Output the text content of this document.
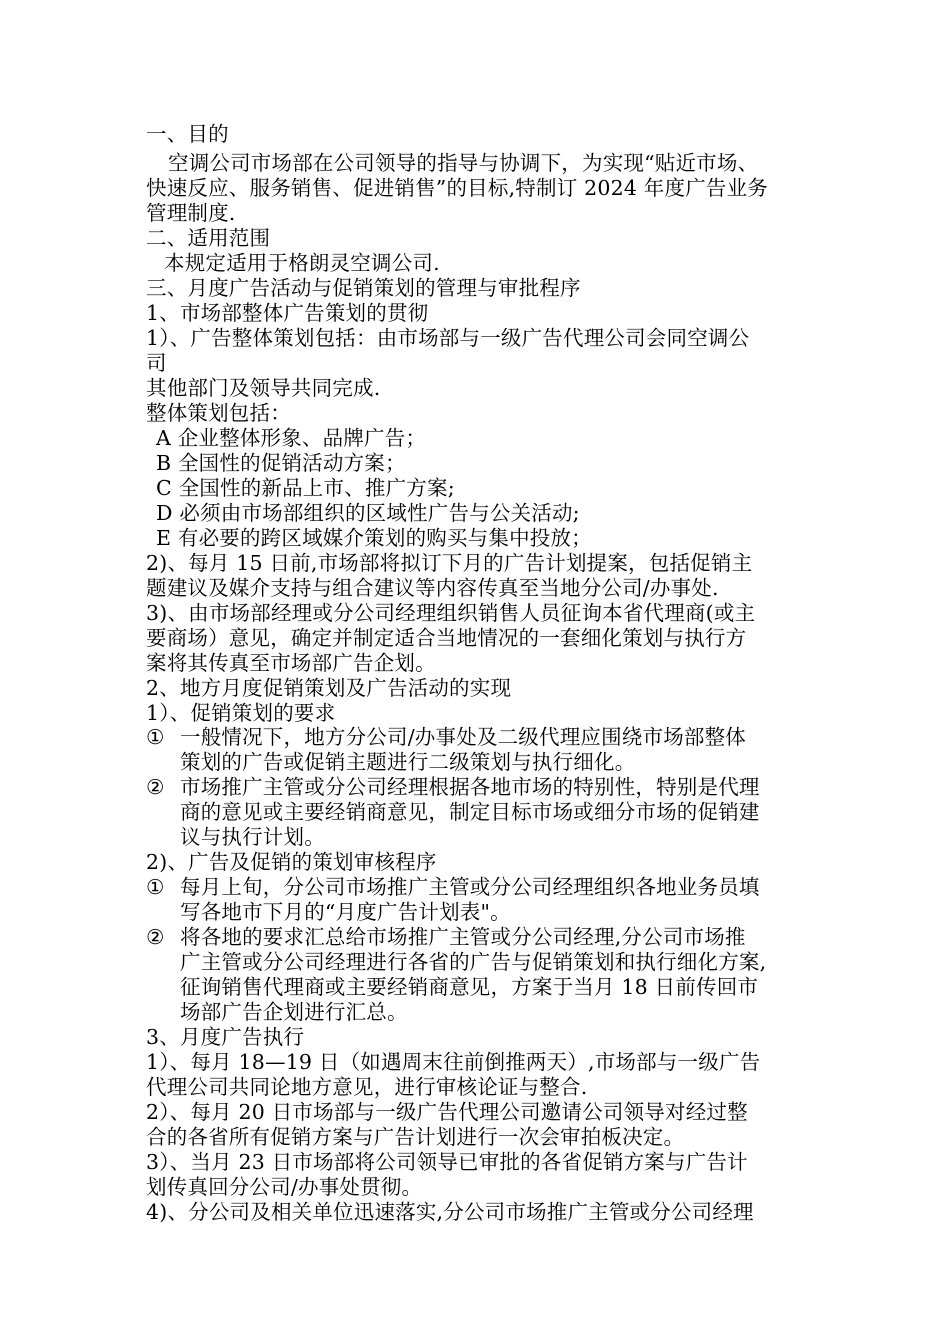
一、目的
空调公司市场部在公司领导的指导与协调下，为实现“贴近市场、
快速反应、服务销售、促进销售”的目标,特制订 2024 年度广告业务
管理制度.
二、适用范围
本规定适用于格朗灵空调公司.
三、月度广告活动与促销策划的管理与审批程序
1、市场部整体广告策划的贯彻
1）、广告整体策划包括：由市场部与一级广告代理公司会同空调公
司
其他部门及领导共同完成.
整体策划包括：
A 企业整体形象、品牌广告；
B 全国性的促销活动方案；
C 全国性的新品上市、推广方案;
D 必须由市场部组织的区域性广告与公关活动;
E 有必要的跨区域媒介策划的购买与集中投放；
2)、每月 15 日前,市场部将拟订下月的广告计划提案，包括促销主
题建议及媒介支持与组合建议等内容传真至当地分公司/办事处.
3)、由市场部经理或分公司经理组织销售人员征询本省代理商(或主
要商场）意见，确定并制定适合当地情况的一套细化策划与执行方
案将其传真至市场部广告企划。
2、地方月度促销策划及广告活动的实现
1）、促销策划的要求
① 一般情况下，地方分公司/办事处及二级代理应围绕市场部整体
策划的广告或促销主题进行二级策划与执行细化。
② 市场推广主管或分公司经理根据各地市场的特别性，特别是代理
商的意见或主要经销商意见，制定目标市场或细分市场的促销建
议与执行计划。
2)、广告及促销的策划审核程序
① 每月上旬，分公司市场推广主管或分公司经理组织各地业务员填
写各地市下月的“月度广告计划表"。
② 将各地的要求汇总给市场推广主管或分公司经理,分公司市场推
广主管或分公司经理进行各省的广告与促销策划和执行细化方案,
征询销售代理商或主要经销商意见，方案于当月 18 日前传回市
场部广告企划进行汇总。
3、月度广告执行
1）、每月 18—19 日（如遇周末往前倒推两天）,市场部与一级广告
代理公司共同论地方意见，进行审核论证与整合.
2）、每月 20 日市场部与一级广告代理公司邀请公司领导对经过整
合的各省所有促销方案与广告计划进行一次会审拍板决定。
3）、当月 23 日市场部将公司领导已审批的各省促销方案与广告计
划传真回分公司/办事处贯彻。
4)、分公司及相关单位迅速落实,分公司市场推广主管或分公司经理
